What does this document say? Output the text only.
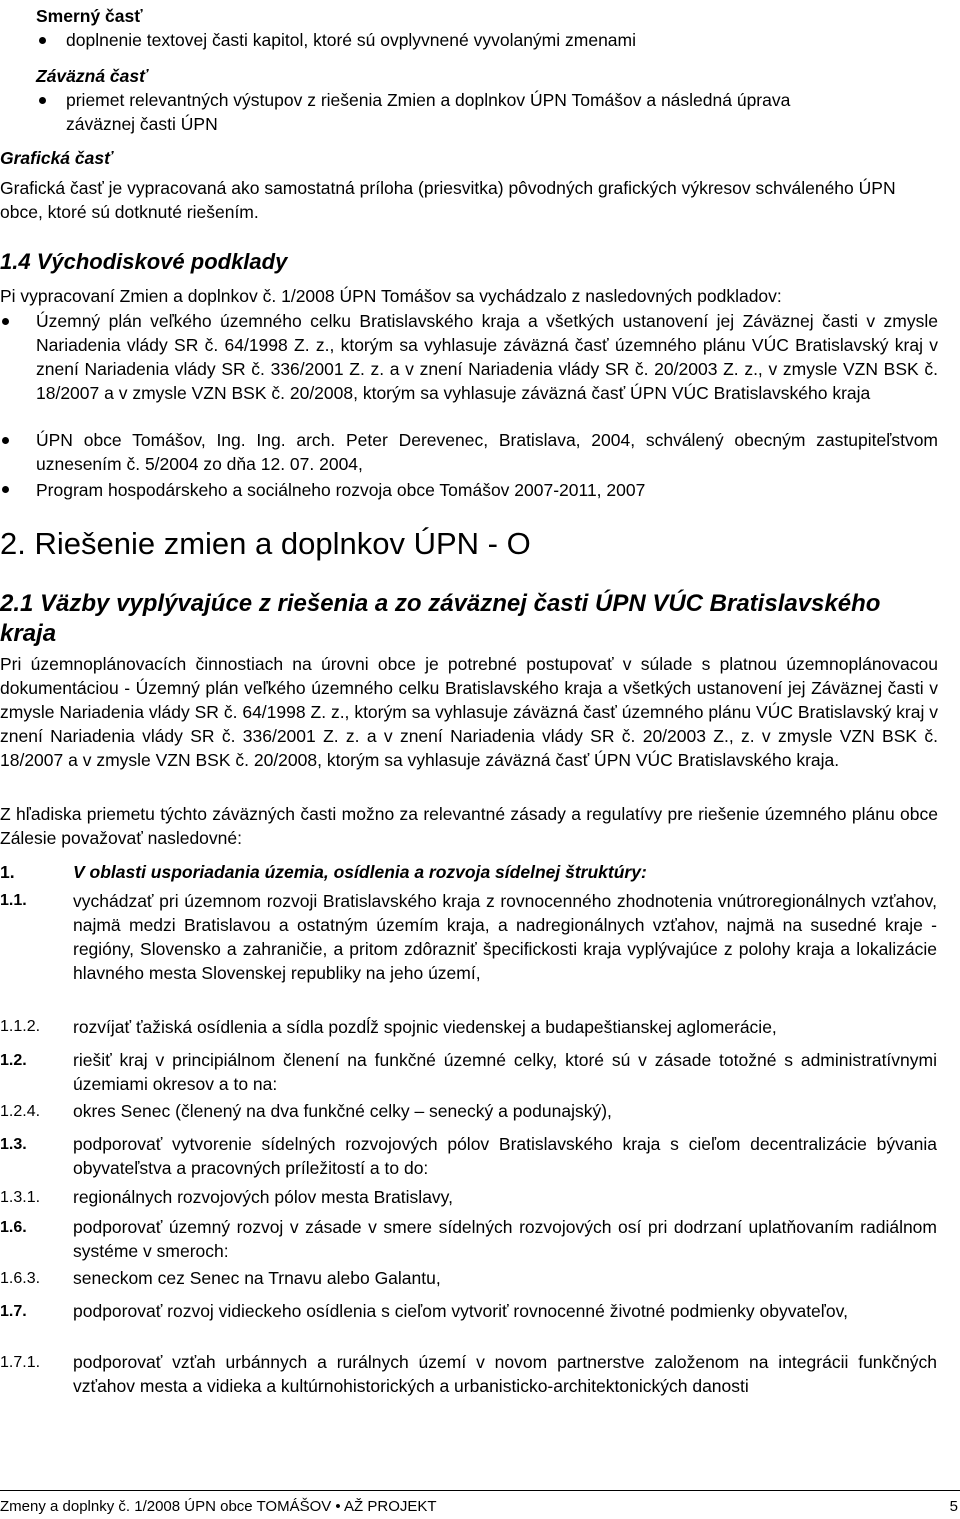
Smerný časť
doplnenie textovej časti kapitol, ktoré sú ovplyvnené vyvolanými zmenami
Záväzná časť
priemet relevantných výstupov z riešenia Zmien a doplnkov ÚPN Tomášov a následná úprava
záväznej časti ÚPN
Grafická časť
Grafická časť je vypracovaná ako samostatná príloha (priesvitka) pôvodných grafických výkresov schváleného ÚPN obce, ktoré sú dotknuté riešením.
1.4 Východiskové podklady
Pi vypracovaní Zmien a doplnkov č. 1/2008 ÚPN Tomášov sa vychádzalo z nasledovných podkladov:
Územný plán veľkého územného celku Bratislavského kraja a všetkých ustanovení jej Záväznej časti v zmysle Nariadenia vlády SR č. 64/1998 Z. z., ktorým sa vyhlasuje záväzná časť územného plánu VÚC Bratislavský kraj v znení Nariadenia vlády SR č. 336/2001 Z. z. a v znení Nariadenia vlády SR č. 20/2003 Z. z., v zmysle VZN BSK č. 18/2007 a v zmysle VZN BSK č. 20/2008, ktorým sa vyhlasuje záväzná časť ÚPN VÚC Bratislavského kraja
ÚPN obce Tomášov, Ing. Ing. arch. Peter Derevenec, Bratislava, 2004, schválený obecným zastupiteľstvom uznesením č. 5/2004 zo dňa 12. 07. 2004,
Program hospodárskeho a sociálneho rozvoja obce Tomášov 2007-2011, 2007
2. Riešenie zmien a doplnkov ÚPN - O
2.1 Väzby vyplývajúce z riešenia a zo záväznej časti ÚPN VÚC Bratislavského kraja
Pri územnoplánovacích činnostiach na úrovni obce je potrebné postupovať v súlade s platnou územnoplánovacou dokumentáciou - Územný plán veľkého územného celku Bratislavského kraja a všetkých ustanovení jej Záväznej časti v zmysle Nariadenia vlády SR č. 64/1998 Z. z., ktorým sa vyhlasuje záväzná časť územného plánu VÚC Bratislavský kraj v znení Nariadenia vlády SR č. 336/2001 Z. z. a v znení Nariadenia vlády SR č. 20/2003 Z., z. v zmysle VZN BSK č. 18/2007 a v zmysle VZN BSK č. 20/2008, ktorým sa vyhlasuje záväzná časť ÚPN VÚC Bratislavského kraja.
Z hľadiska priemetu týchto záväzných časti možno za relevantné zásady a regulatívy pre riešenie územného plánu obce Zálesie považovať nasledovné:
1.	V oblasti usporiadania územia, osídlenia a rozvoja sídelnej štruktúry:
1.1.	vychádzať pri územnom rozvoji Bratislavského kraja z rovnocenného zhodnotenia vnútroregionálnych vzťahov, najmä medzi Bratislavou a ostatným územím kraja, a nadregionálnych vzťahov, najmä na susedné kraje - regióny, Slovensko a zahraničie, a pritom zdôrazniť špecifickosti kraja vyplývajúce z polohy kraja a lokalizácie hlavného mesta Slovenskej republiky na jeho území,
1.1.2. rozvíjať ťažiská osídlenia a sídla pozdĺž spojnic viedenskej a budapeštianskej aglomerácie,
1.2.	riešiť kraj v principiálnom členení na funkčné územné celky, ktoré sú v zásade totožné s administratívnymi územiami okresov a to na:
1.2.4. okres Senec (členený na dva funkčné celky – senecký a podunajský),
1.3.	podporovať vytvorenie sídelných rozvojových pólov Bratislavského kraja s cieľom decentralizácie bývania obyvateľstva a pracovných príležitostí a to do:
1.3.1. regionálnych rozvojových pólov mesta Bratislavy,
1.6.	podporovať územný rozvoj v zásade v smere sídelných rozvojových osí pri dodrzaní uplatňovaním radiálnom systéme v smeroch:
1.6.3. seneckom cez Senec na Trnavu alebo Galantu,
1.7.	podporovať rozvoj vidieckeho osídlenia s cieľom vytvoriť rovnocenné životné podmienky obyvateľov,
1.7.1. podporovať vzťah urbánnych a rurálnych území v novom partnerstve založenom na integrácii funkčných vzťahov mesta a vidieka a kultúrnohistorických a urbanisticko-architektonických danosti
Zmeny a doplnky č. 1/2008 ÚPN obce TOMÁŠOV • AŽ PROJEKT	5
